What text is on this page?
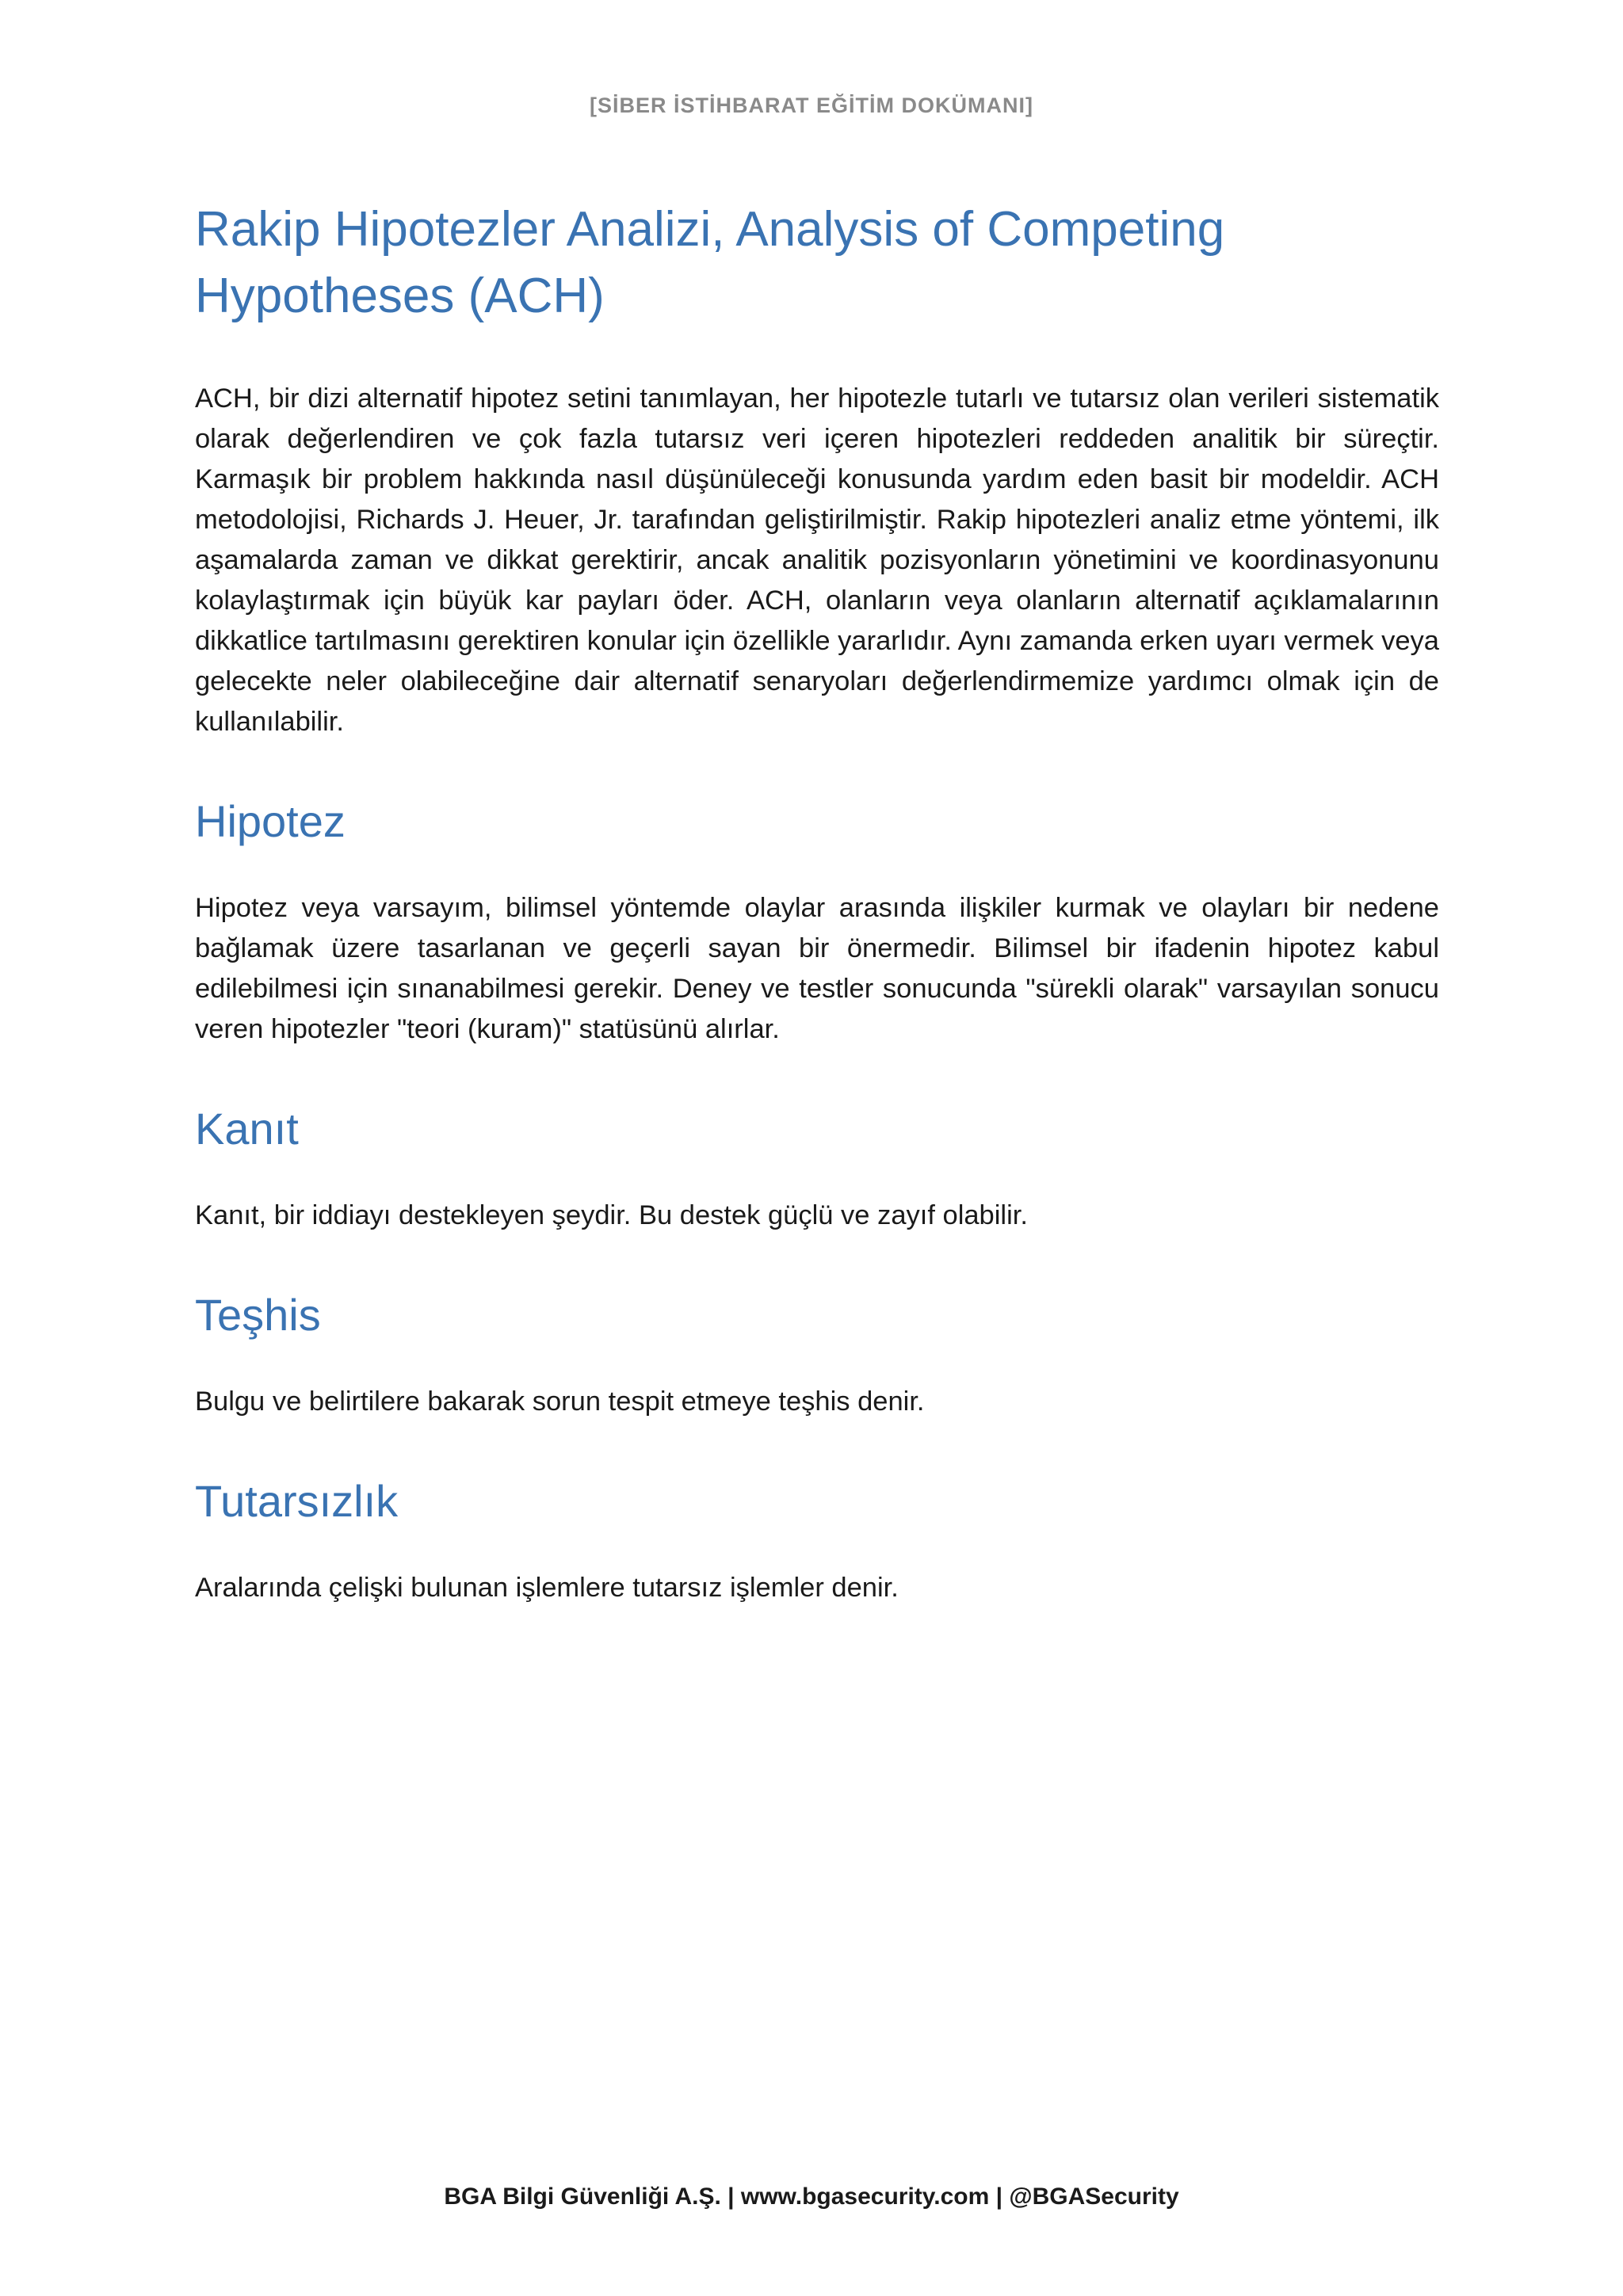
[SİBER İSTİHBARAT EĞİTİM DOKÜMANI]
Rakip Hipotezler Analizi, Analysis of Competing Hypotheses (ACH)

ACH, bir dizi alternatif hipotez setini tanımlayan, her hipotezle tutarlı ve tutarsız olan verileri sistematik olarak değerlendiren ve çok fazla tutarsız veri içeren hipotezleri reddeden analitik bir süreçtir. Karmaşık bir problem hakkında nasıl düşünüleceği konusunda yardım eden basit bir modeldir. ACH metodolojisi, Richards J. Heuer, Jr. tarafından geliştirilmiştir. Rakip hipotezleri analiz etme yöntemi, ilk aşamalarda zaman ve dikkat gerektirir, ancak analitik pozisyonların yönetimini ve koordinasyonunu kolaylaştırmak için büyük kar payları öder. ACH, olanların veya olanların alternatif açıklamalarının dikkatlice tartılmasını gerektiren konular için özellikle yararlıdır. Aynı zamanda erken uyarı vermek veya gelecekte neler olabileceğine dair alternatif senaryoları değerlendirmemize yardımcı olmak için de kullanılabilir.

Hipotez

Hipotez veya varsayım, bilimsel yöntemde olaylar arasında ilişkiler kurmak ve olayları bir nedene bağlamak üzere tasarlanan ve geçerli sayan bir önermedir. Bilimsel bir ifadenin hipotez kabul edilebilmesi için sınanabilmesi gerekir. Deney ve testler sonucunda "sürekli olarak" varsayılan sonucu veren hipotezler "teori (kuram)" statüsünü alırlar.

Kanıt

Kanıt, bir iddiayı destekleyen şeydir. Bu destek güçlü ve zayıf olabilir.

Teşhis

Bulgu ve belirtilere bakarak sorun tespit etmeye teşhis denir.

Tutarsızlık

Aralarında çelişki bulunan işlemlere tutarsız işlemler denir.

BGA Bilgi Güvenliği A.Ş. | www.bgasecurity.com | @BGASecurity
